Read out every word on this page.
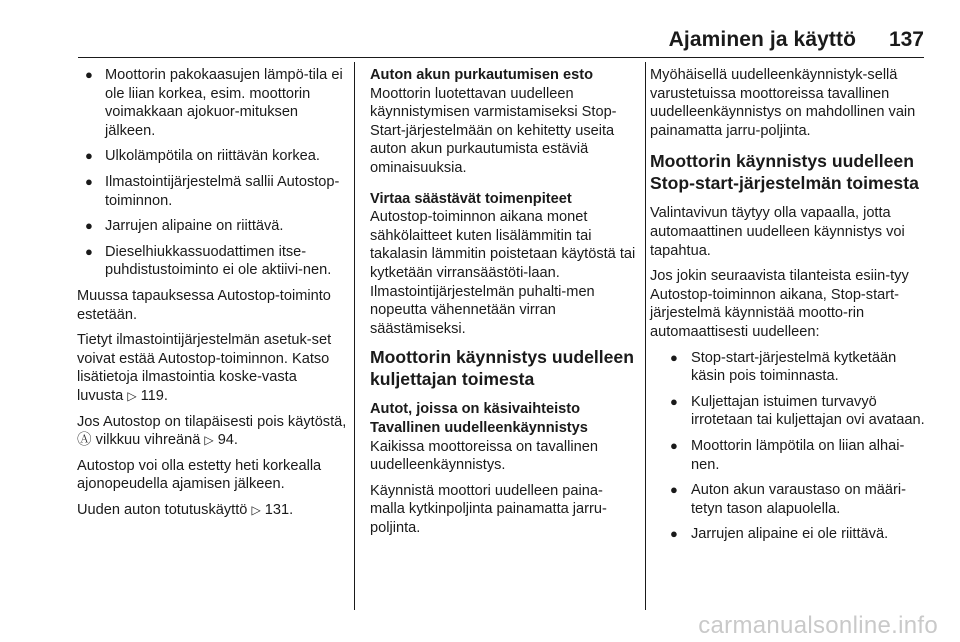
Ajaminen ja käyttö 137
● Moottorin pakokaasujen lämpö-tila ei ole liian korkea, esim. moottorin voimakkaan ajokuor-mituksen jälkeen.
● Ulkolämpötila on riittävän korkea.
● Ilmastointijärjestelmä sallii Autostop-toiminnon.
● Jarrujen alipaine on riittävä.
● Dieselhiukkassuodattimen itse-puhdistustoiminto ei ole aktiivi-nen.

Muussa tapauksessa Autostop-toiminto estetään.

Tietyt ilmastointijärjestelmän asetuk-set voivat estää Autostop-toiminnon. Katso lisätietoja ilmastointia koske-vasta luvusta ▷ 119.

Jos Autostop on tilapäisesti pois käytöstä, Ⓐ vilkkuu vihreänä ▷ 94.

Autostop voi olla estetty heti korkealla ajonopeudella ajamisen jälkeen.

Uuden auton totutuskäyttö ▷ 131.

Auton akun purkautumisen esto

Moottorin luotettavan uudelleen käynnistymisen varmistamiseksi Stop-Start-järjestelmään on kehitetty useita auton akun purkautumista estäviä ominaisuuksia.

Virtaa säästävät toimenpiteet

Autostop-toiminnon aikana monet sähkölaitteet kuten lisälämmitin tai takalasin lämmitin poistetaan käytöstä tai kytketään virransäästöti-laan. Ilmastointijärjestelmän puhalti-men nopeutta vähennetään virran säästämiseksi.

Moottorin käynnistys uudelleen kuljettajan toimesta

Autot, joissa on käsivaihteisto

Tavallinen uudelleenkäynnistys

Kaikissa moottoreissa on tavallinen uudelleenkäynnistys.

Käynnistä moottori uudelleen paina-malla kytkinpoljinta painamatta jarru-poljinta.

Myöhäisellä uudelleenkäynnistyk-sellä varustetuissa moottoreissa tavallinen uudelleenkäynnistys on mahdollinen vain painamatta jarru-poljinta.

Moottorin käynnistys uudelleen Stop-start-järjestelmän toimesta

Valintavivun täytyy olla vapaalla, jotta automaattinen uudelleen käynnistys voi tapahtua.

Jos jokin seuraavista tilanteista esiin-tyy Autostop-toiminnon aikana, Stop-start-järjestelmä käynnistää mootto-rin automaattisesti uudelleen:

● Stop-start-järjestelmä kytketään käsin pois toiminnasta.
● Kuljettajan istuimen turvavyö irrotetaan tai kuljettajan ovi avataan.
● Moottorin lämpötila on liian alhai-nen.
● Auton akun varaustaso on määri-tetyn tason alapuolella.
● Jarrujen alipaine ei ole riittävä.
carmanualsonline.info
